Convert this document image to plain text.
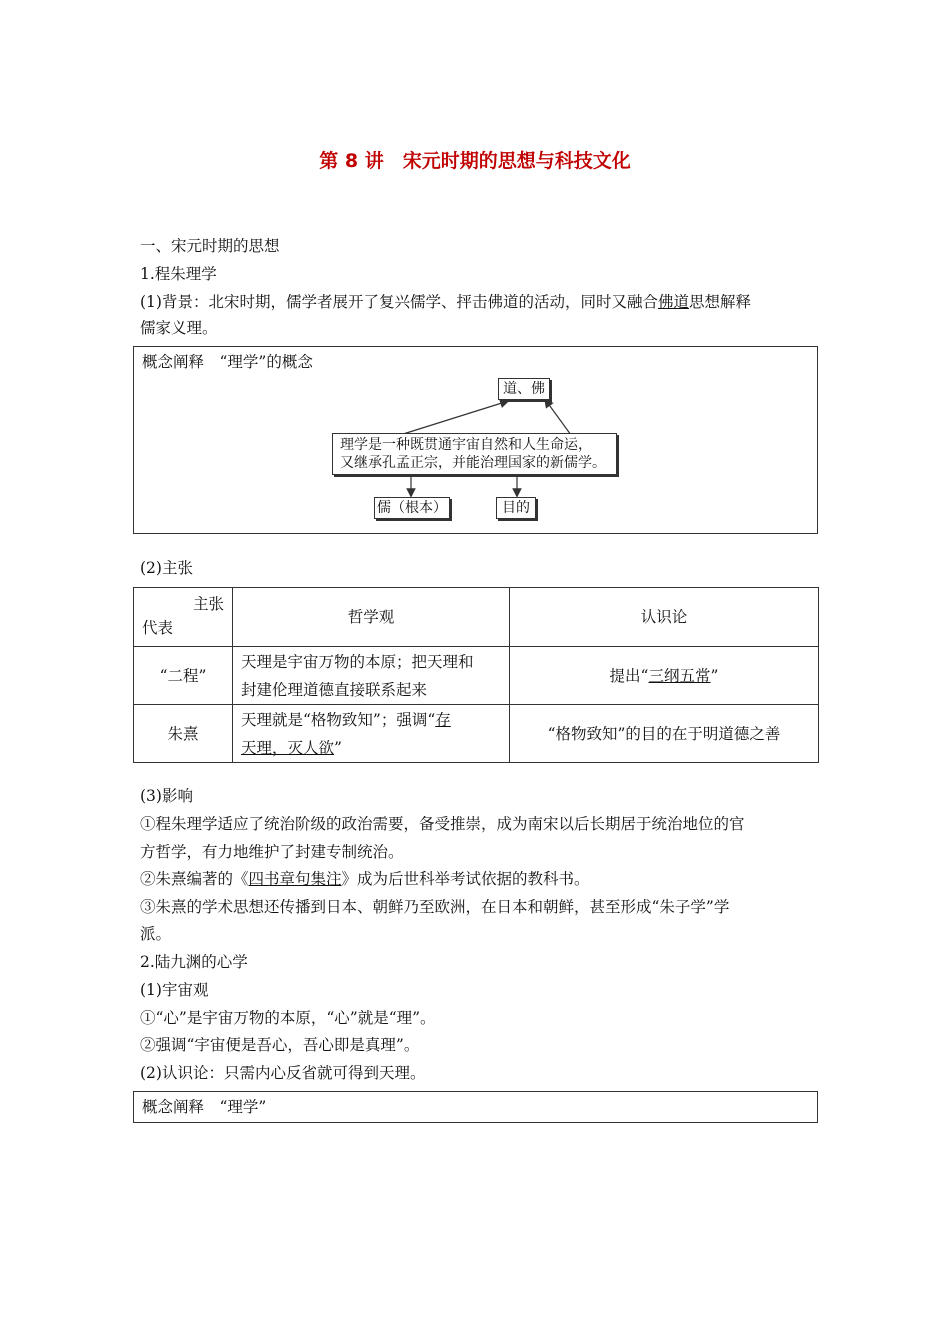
第 8 讲　宋元时期的思想与科技文化
一、宋元时期的思想
1.程朱理学
(1)背景：北宋时期，儒学者展开了复兴儒学、抨击佛道的活动，同时又融合佛道思想解释
儒家义理。
概念阐释　“理学”的概念
道、佛
理学是一种既贯通宇宙自然和人生命运，
又继承孔孟正宗，并能治理国家的新儒学。
儒（根本）	目的
(2)主张
主张
代表	哲学观	认识论
“二程”	天理是宇宙万物的本原；把天理和
封建伦理道德直接联系起来	提出“三纲五常”
朱熹	天理就是“格物致知”；强调“存
天理，灭人欲”	“格物致知”的目的在于明道德之善
(3)影响
①程朱理学适应了统治阶级的政治需要，备受推崇，成为南宋以后长期居于统治地位的官
方哲学，有力地维护了封建专制统治。
②朱熹编著的《四书章句集注》成为后世科举考试依据的教科书。
③朱熹的学术思想还传播到日本、朝鲜乃至欧洲，在日本和朝鲜，甚至形成“朱子学”学
派。
2.陆九渊的心学
(1)宇宙观
①“心”是宇宙万物的本原，“心”就是“理”。
②强调“宇宙便是吾心，吾心即是真理”。
(2)认识论：只需内心反省就可得到天理。
概念阐释　“理学”
